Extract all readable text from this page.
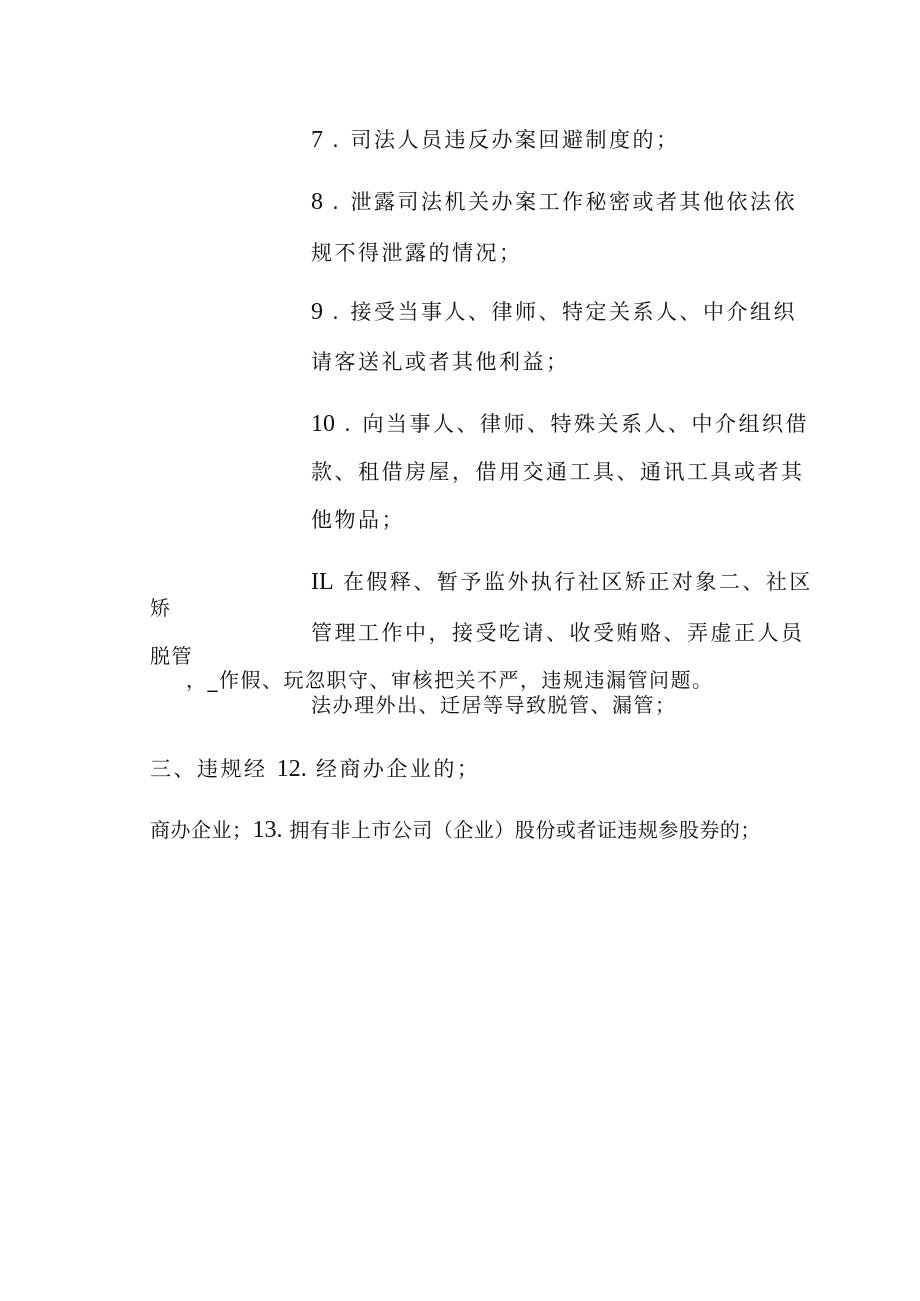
7 . 司法人员违反办案回避制度的；
8 . 泄露司法机关办案工作秘密或者其他依法依
规不得泄露的情况；
9 . 接受当事人、律师、特定关系人、中介组织
请客送礼或者其他利益；
10 . 向当事人、律师、特殊关系人、中介组织借
款、租借房屋，借用交通工具、通讯工具或者其
他物品；
IL 在假释、暂予监外执行社区矫正对象二、社区
矫
管理工作中，接受吃请、收受贿赂、弄虚正人员
脱管
，_作假、玩忽职守、审核把关不严，违规违漏管问题。
法办理外出、迁居等导致脱管、漏管；
三、违规经 12. 经商办企业的；
商办企业；13. 拥有非上市公司（企业）股份或者证违规参股券的；
